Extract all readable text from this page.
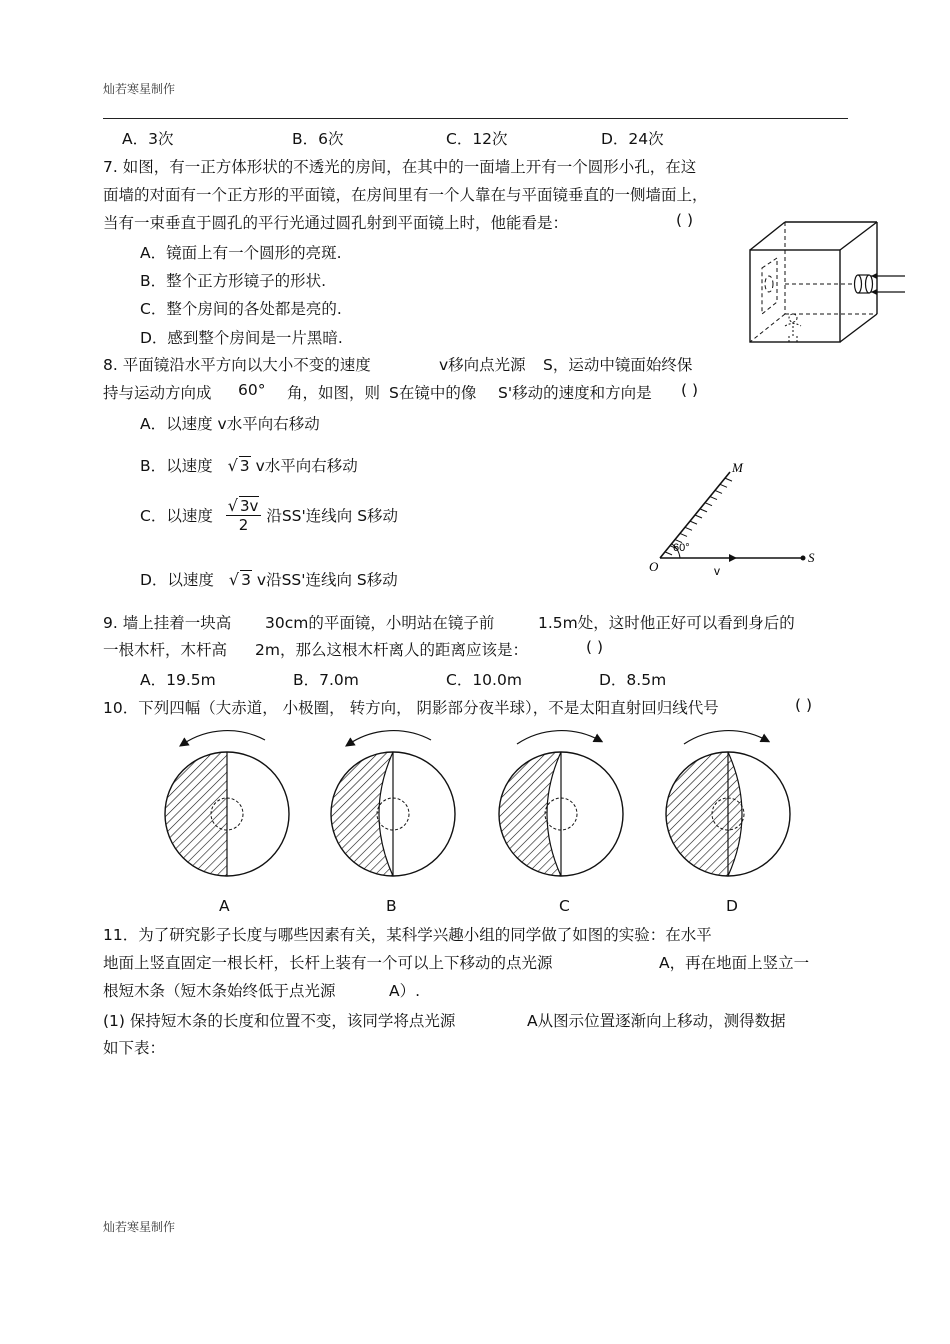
灿若寒星制作
A．3次	B．6次	C．12次	D．24次
7. 如图，有一正方体形状的不透光的房间，在其中的一面墙上开有一个圆形小孔，在这
面墙的对面有一个正方形的平面镜，在房间里有一个人靠在与平面镜垂直的一侧墙面上，
当有一束垂直于圆孔的平行光通过圆孔射到平面镜上时，他能看是：	( )
A．镜面上有一个圆形的亮斑.
B．整个正方形镜子的形状.
C．整个房间的各处都是亮的.
D．感到整个房间是一片黑暗.
8. 平面镜沿水平方向以大小不变的速度	v移向点光源 S，运动中镜面始终保
持与运动方向成 60° 角，如图，则 S在镜中的像 S'移动的速度和方向是 ( )
A．以速度 v水平向右移动
B．以速度 √ 3 v水平向右移动
C．以速度 $\frac{√ 3v}{2}$ 沿SS'连线向 S移动
D．以速度 √ 3 v沿SS'连线向 S移动
M
O
S
v
60°
9. 墙上挂着一块高 30cm的平面镜，小明站在镜子前	1.5m处，这时他正好可以看到身后的
一根木杆，木杆高 2m，那么这根木杆离人的距离应该是：	( )
A．19.5m	B．7.0m	C．10.0m	D．8.5m
10．下列四幅（大赤道， 小极圈， 转方向， 阴影部分夜半球），不是太阳直射回归线代号	( )
A	B	C	D
11．为了研究影子长度与哪些因素有关，某科学兴趣小组的同学做了如图的实验：在水平
地面上竖直固定一根长杆，长杆上装有一个可以上下移动的点光源	A，再在地面上竖立一
根短木条（短木条始终低于点光源	A）.
(1) 保持短木条的长度和位置不变，该同学将点光源	A从图示位置逐渐向上移动，测得数据
如下表：
灿若寒星制作
